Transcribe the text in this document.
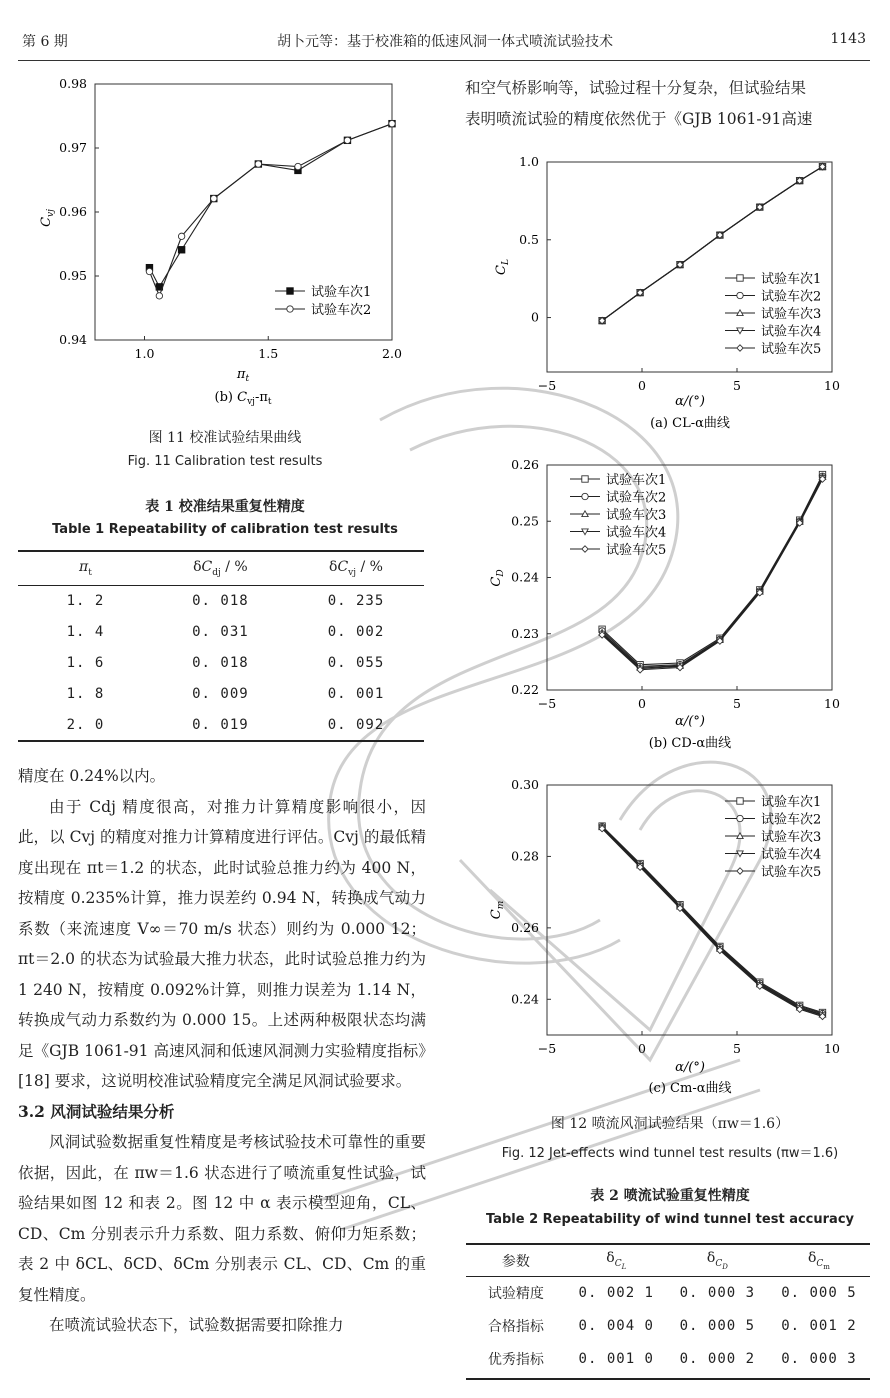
第 6 期	胡卜元等：基于校准箱的低速风洞一体式喷流试验技术	1143
1.0	1.5	2.0
0.94
0.95
0.96
0.97
0.98
$C_{vj}$
$\pi_t$
(b) $C_{vj}-\pi_t$
试验车次1
试验车次2
图 11 校准试验结果曲线
Fig. 11 Calibration test results
表 1 校准结果重复性精度
Table 1 Repeatability of calibration test results
$\pi_t$	$\delta C_{dj}$ / %	$\delta C_{vj}$ / %
1. 2	0. 018	0. 235
1. 4	0. 031	0. 002
1. 6	0. 018	0. 055
1. 8	0. 009	0. 001
2. 0	0. 019	0. 092

精度在 0.24%以内。

由于 Cdj 精度很高，对推力计算精度影响很小，因此，以 Cvj 的精度对推力计算精度进行评估。Cvj 的最低精度出现在 πt＝1.2 的状态，此时试验总推力约为 400 N，按精度 0.235%计算，推力误差约 0.94 N，转换成气动力系数（来流速度 V∞＝70 m/s 状态）则约为 0.000 12；πt＝2.0 的状态为试验最大推力状态，此时试验总推力约为1 240 N，按精度 0.092%计算，则推力误差为 1.14 N，转换成气动力系数约为 0.000 15。上述两种极限状态均满足《GJB 1061-91 高速风洞和低速风洞测力实验精度指标》[18] 要求，这说明校准试验精度完全满足风洞试验要求。

3.2 风洞试验结果分析

风洞试验数据重复性精度是考核试验技术可靠性的重要依据，因此，在 πw＝1.6 状态进行了喷流重复性试验，试验结果如图 12 和表 2。图 12 中 α 表示模型迎角，CL、CD、Cm 分别表示升力系数、阻力系数、俯仰力矩系数；表 2 中 δCL、δCD、δCm 分别表示 CL、CD、Cm 的重复性精度。

在喷流试验状态下，试验数据需要扣除推力

和空气桥影响等，试验过程十分复杂，但试验结果

表明喷流试验的精度依然优于《GJB 1061-91高速

−5	0	5	10
0
0.5
1.0
$C_L$
α/(°)
(a) CL-α曲线
试验车次1
试验车次2
试验车次3
试验车次4
试验车次5
−5	0	5	10
0.22
0.23
0.24
0.25
0.26
$C_D$
α/(°)
(b) CD-α曲线
试验车次1
试验车次2
试验车次3
试验车次4
试验车次5
−5	0	5	10
0.24
0.26
0.28
0.30
$C_m$
α/(°)
(c) Cm-α曲线
试验车次1
试验车次2
试验车次3
试验车次4
试验车次5
图 12 喷流风洞试验结果（πw＝1.6）
Fig. 12 Jet-effects wind tunnel test results (πw＝1.6)
表 2 喷流试验重复性精度
Table 2 Repeatability of wind tunnel test accuracy
参数	$\delta_{C_L}$	$\delta_{C_D}$	$\delta_{C_m}$
试验精度	0. 002 1	0. 000 3	0. 000 5
合格指标	0. 004 0	0. 000 5	0. 001 2
优秀指标	0. 001 0	0. 000 2	0. 000 3
